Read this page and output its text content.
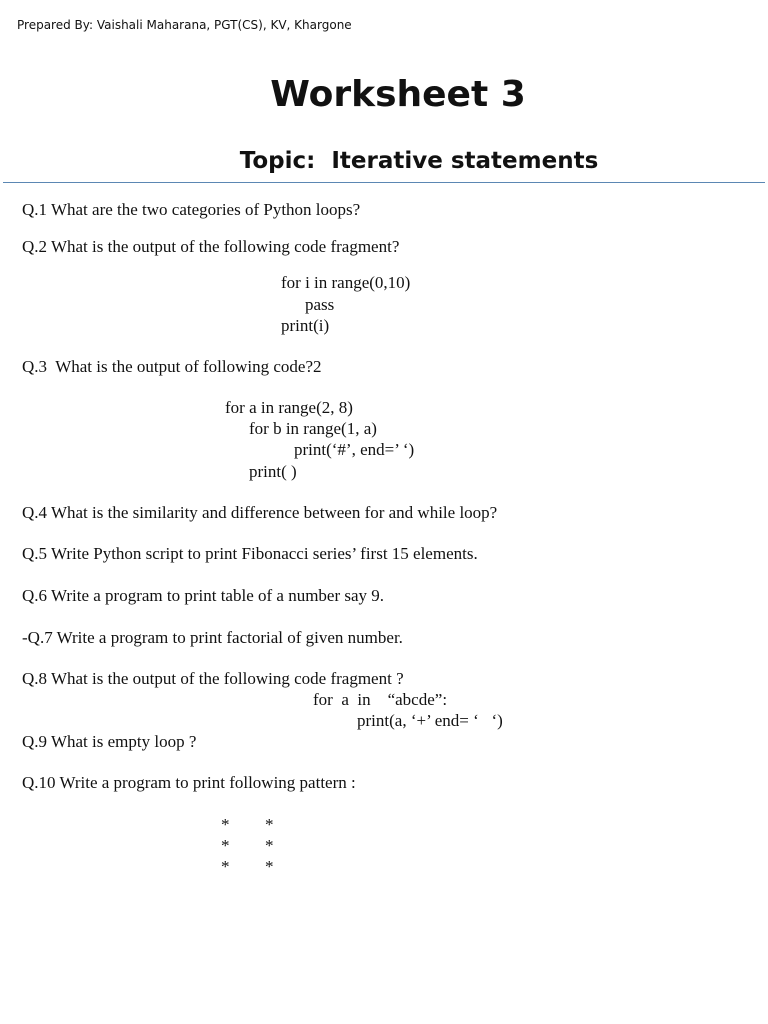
Prepared By: Vaishali Maharana, PGT(CS), KV, Khargone
Worksheet 3
Topic:  Iterative statements
Q.1 What are the two categories of Python loops?
Q.2 What is the output of the following code fragment?
for i in range(0,10)
pass
print(i)
Q.3  What is the output of following code?2
for a in range(2, 8)
for b in range(1, a)
print(‘#’, end=’ ‘)
print( )
Q.4 What is the similarity and difference between for and while loop?
Q.5 Write Python script to print Fibonacci series’ first 15 elements.
Q.6 Write a program to print table of a number say 9.
-Q.7 Write a program to print factorial of given number.
Q.8 What is the output of the following code fragment ?
for  a  in    “abcde”:
print(a, ‘+’ end= ‘   ‘)
Q.9 What is empty loop ?
Q.10 Write a program to print following pattern :
* *
* *
* *
